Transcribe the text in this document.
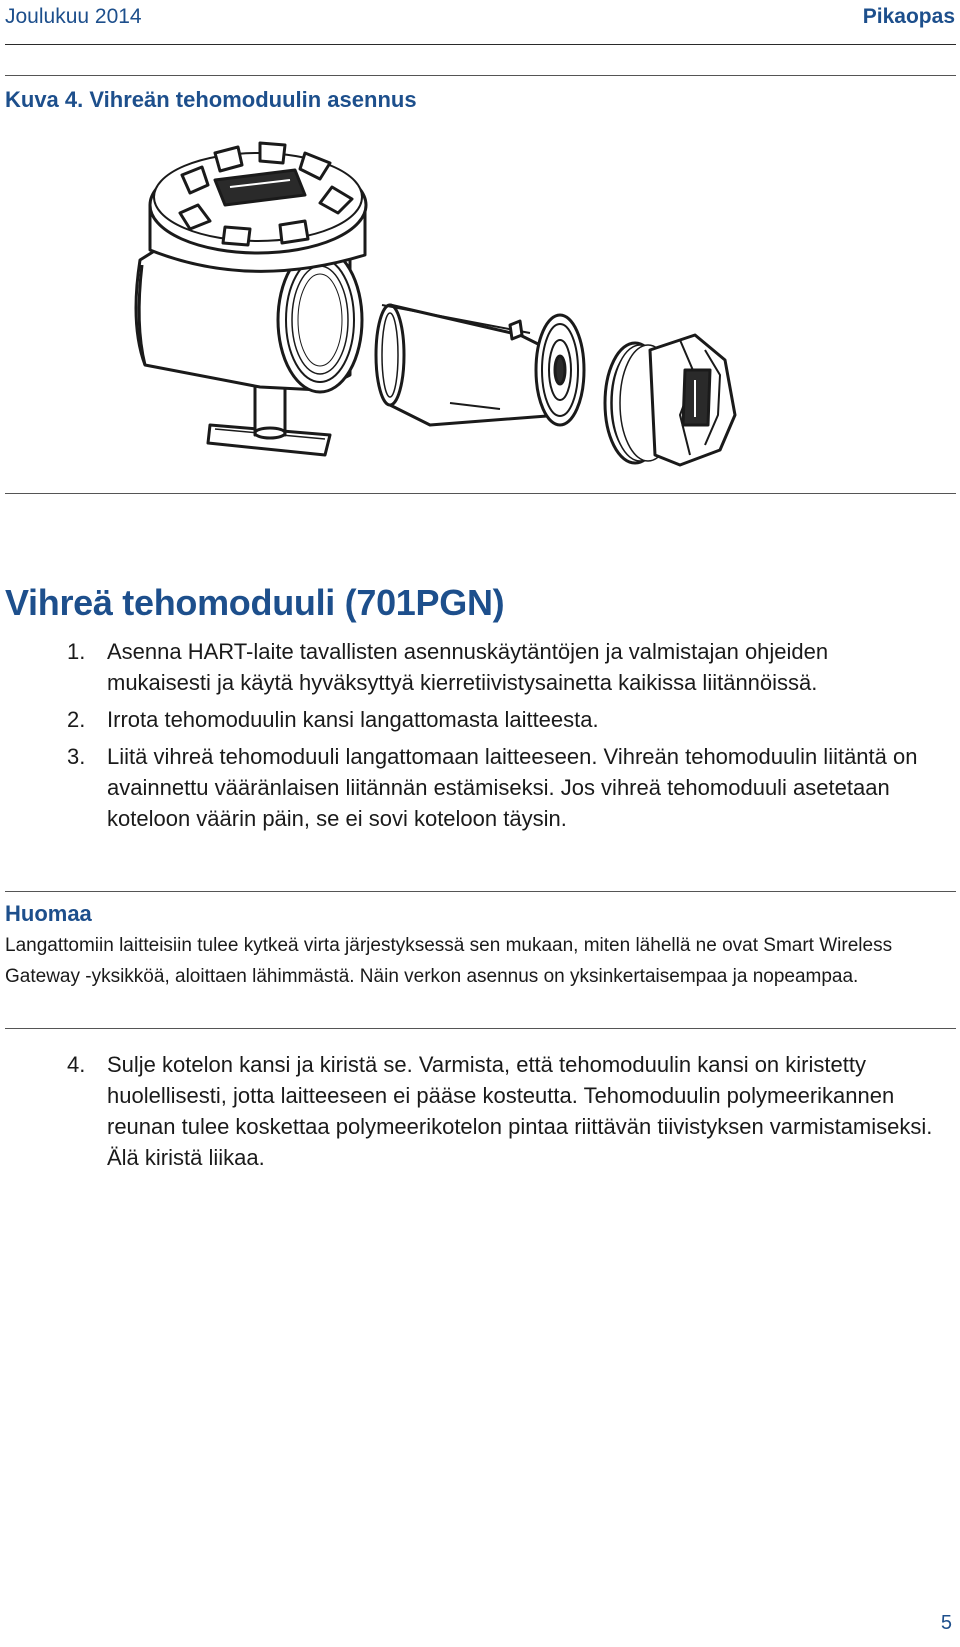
Joulukuu 2014	Pikaopas
Kuva 4. Vihreän tehomoduulin asennus
Vihreä tehomoduuli (701PGN)
1. Asenna HART-laite tavallisten asennuskäytäntöjen ja valmistajan ohjeiden mukaisesti ja käytä hyväksyttyä kierretiivistysainetta kaikissa liitännöissä.
2. Irrota tehomoduulin kansi langattomasta laitteesta.
3. Liitä vihreä tehomoduuli langattomaan laitteeseen. Vihreän tehomoduulin liitäntä on avainnettu vääränlaisen liitännän estämiseksi. Jos vihreä tehomoduuli asetetaan koteloon väärin päin, se ei sovi koteloon täysin.

Huomaa

Langattomiin laitteisiin tulee kytkeä virta järjestyksessä sen mukaan, miten lähellä ne ovat Smart Wireless Gateway -yksikköä, aloittaen lähimmästä. Näin verkon asennus on yksinkertaisempaa ja nopeampaa.

4. Sulje kotelon kansi ja kiristä se. Varmista, että tehomoduulin kansi on kiristetty huolellisesti, jotta laitteeseen ei pääse kosteutta. Tehomoduulin polymeerikannen reunan tulee koskettaa polymeerikotelon pintaa riittävän tiivistyksen varmistamiseksi. Älä kiristä liikaa.
5
